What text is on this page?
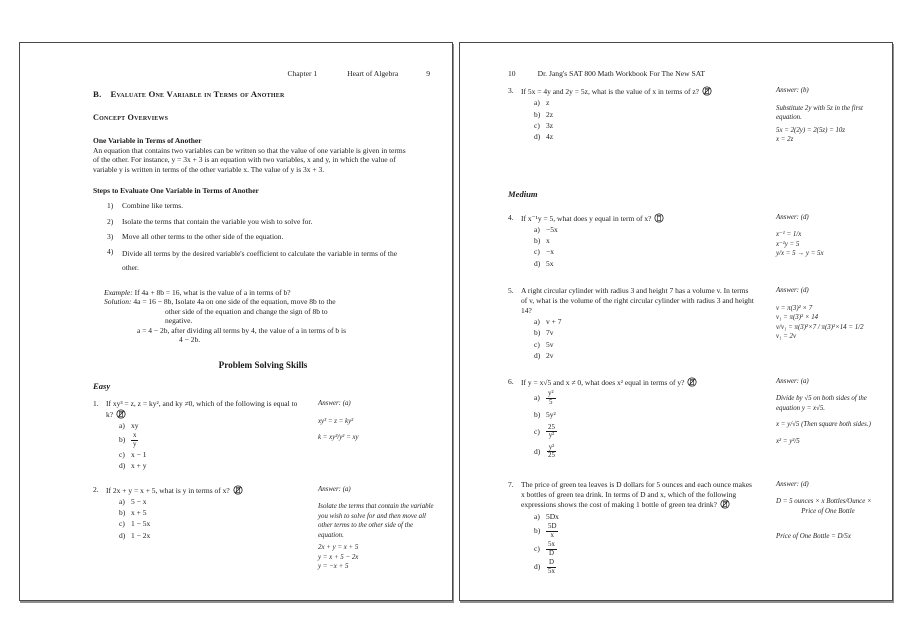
Chapter 1	Heart of Algebra	9
B. Evaluate One Variable in Terms of Another
Concept Overviews
One Variable in Terms of Another
An equation that contains two variables can be written so that the value of one variable is given in terms of the other. For instance, y = 3x + 3 is an equation with two variables, x and y, in which the value of variable y is written in terms of the other variable x. The value of y is 3x + 3.
Steps to Evaluate One Variable in Terms of Another
1)	Combine like terms.
2)	Isolate the terms that contain the variable you wish to solve for.
3)	Move all other terms to the other side of the equation.
4)	Divide all terms by the desired variable's coefficient to calculate the variable in terms of the other.
Example: If 4a + 8b = 16, what is the value of a in terms of b?
Solution: 4a = 16 − 8b, Isolate 4a on one side of the equation, move 8b to the
other side of the equation and change the sign of 8b to
negative.
a = 4 − 2b, after dividing all terms by 4, the value of a in terms of b is
4 − 2b.
Problem Solving Skills
Easy
1. If xy³ = z, z = ky², and ky ≠0, which of the following is equal to k?
a) xy
$b) \frac{x}{y}$
c) x − 1
d) x + y
Answer: (a)
xy³ = z = ky²
k = xy³/y² = xy
2. If 2x + y = x + 5, what is y in terms of x?
a) 5 − x
b) x + 5
c) 1 − 5x
d) 1 − 2x
Answer: (a)
Isolate the terms that contain the variable you wish to solve for and then move all other terms to the other side of the equation.
2x + y = x + 5
y = x + 5 − 2x
y = −x + 5
10	Dr. Jang's SAT 800 Math Workbook For The New SAT
3. If 5x = 4y and 2y = 5z, what is the value of x in terms of z?
a) z
b) 2z
c) 3z
d) 4z
Answer: (b)
Substitute 2y with 5z in the first equation.
5x = 2(2y) = 2(5z) = 10z
x = 2z
Medium
4. If x⁻¹y = 5, what does y equal in term of x?
a) −5x
b) x
c) −x
d) 5x
Answer: (d)
x⁻¹ = 1/x
x⁻¹y = 5
y/x = 5 → y = 5x
5. A right circular cylinder with radius 3 and height 7 has a volume v. In terms of v, what is the volume of the right circular cylinder with radius 3 and height 14?
a) v + 7
b) 7v
c) 5v
d) 2v
Answer: (d)
v = π(3)² × 7
v₁ = π(3)² × 14
v/v₁ = π(3)²×7 / π(3)²×14 = 1/2
v₁ = 2v
6. If y = x√5 and x ≠ 0, what does x² equal in terms of y?
$a) \frac{\text{y²}}{5}$
b) 5y²
$c) \frac{25}{\text{y²}}$
$d) \frac{\text{y²}}{25}$
Answer: (a)
Divide by √5 on both sides of the equation y = x√5.
x = y/√5 (Then square both sides.)
x² = y²/5
7. The price of green tea leaves is D dollars for 5 ounces and each ounce makes x bottles of green tea drink. In terms of D and x, which of the following expressions shows the cost of making 1 bottle of green tea drink?
a) 5Dx
$b) \frac{5D}{x}$
$c) \frac{5x}{D}$
$d) \frac{D}{5x}$
Answer: (d)
D = 5 ounces × x Bottles/Ounce ×
Price of One Bottle
Price of One Bottle = D/5x
